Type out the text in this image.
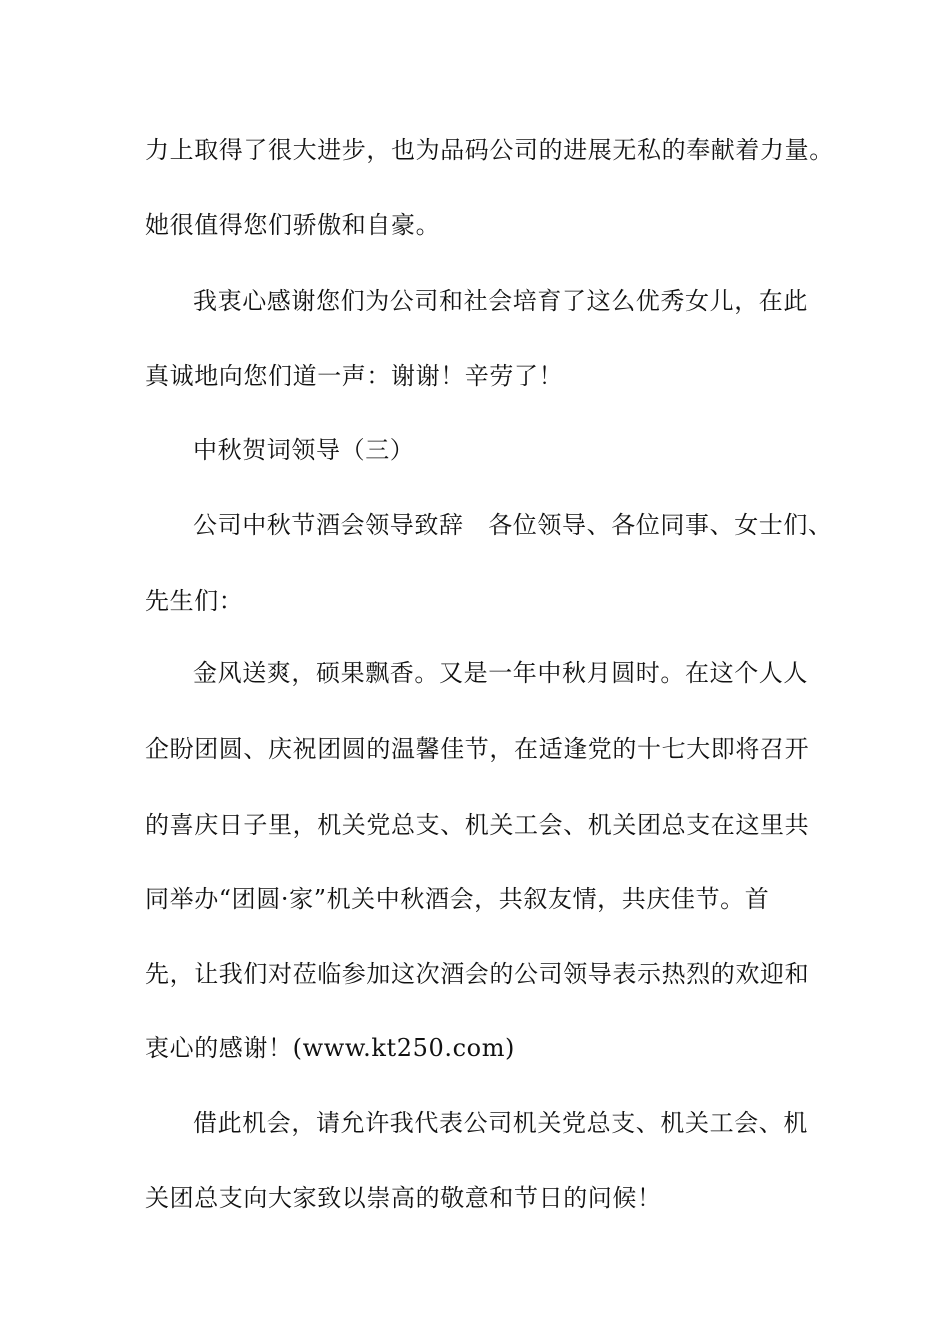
力上取得了很大进步，也为品码公司的进展无私的奉献着力量。
她很值得您们骄傲和自豪。
我衷心感谢您们为公司和社会培育了这么优秀女儿，在此
真诚地向您们道一声：谢谢！辛劳了！
中秋贺词领导（三）
公司中秋节酒会领导致辞　各位领导、各位同事、女士们、
先生们：
金风送爽，硕果飘香。又是一年中秋月圆时。在这个人人
企盼团圆、庆祝团圆的温馨佳节，在适逢党的十七大即将召开
的喜庆日子里，机关党总支、机关工会、机关团总支在这里共
同举办“团圆·家”机关中秋酒会，共叙友情，共庆佳节。首
先，让我们对莅临参加这次酒会的公司领导表示热烈的欢迎和
衷心的感谢！(www.kt250.com)
借此机会，请允许我代表公司机关党总支、机关工会、机
关团总支向大家致以崇高的敬意和节日的问候！
